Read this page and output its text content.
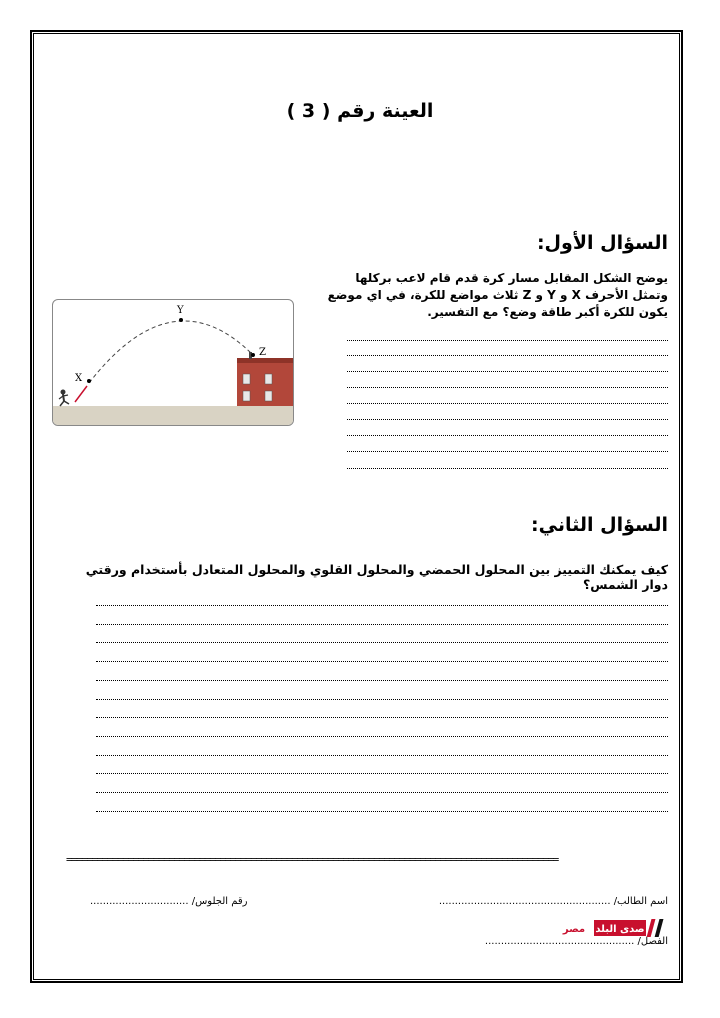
العينة رقم ( 3 )
السؤال الأول:
يوضح الشكل المقابل مسار كرة قدم قام لاعب بركلها وتمثل الأحرف X و Y و Z ثلاث مواضع للكرة، في اي موضع يكون للكرة أكبر طاقة وضع؟ مع التفسير.
X
Y
Z
السؤال الثاني:
كيف يمكنك التمييز بين المحلول الحمضي والمحلول القلوي والمحلول المتعادل بأستخدام ورقتي دوار الشمس؟
================================================================================================
اسم الطالب/ ......................................................
رقم الجلوس/ ...............................
الفصل/ ...............................................
صدى البلد
مصر
